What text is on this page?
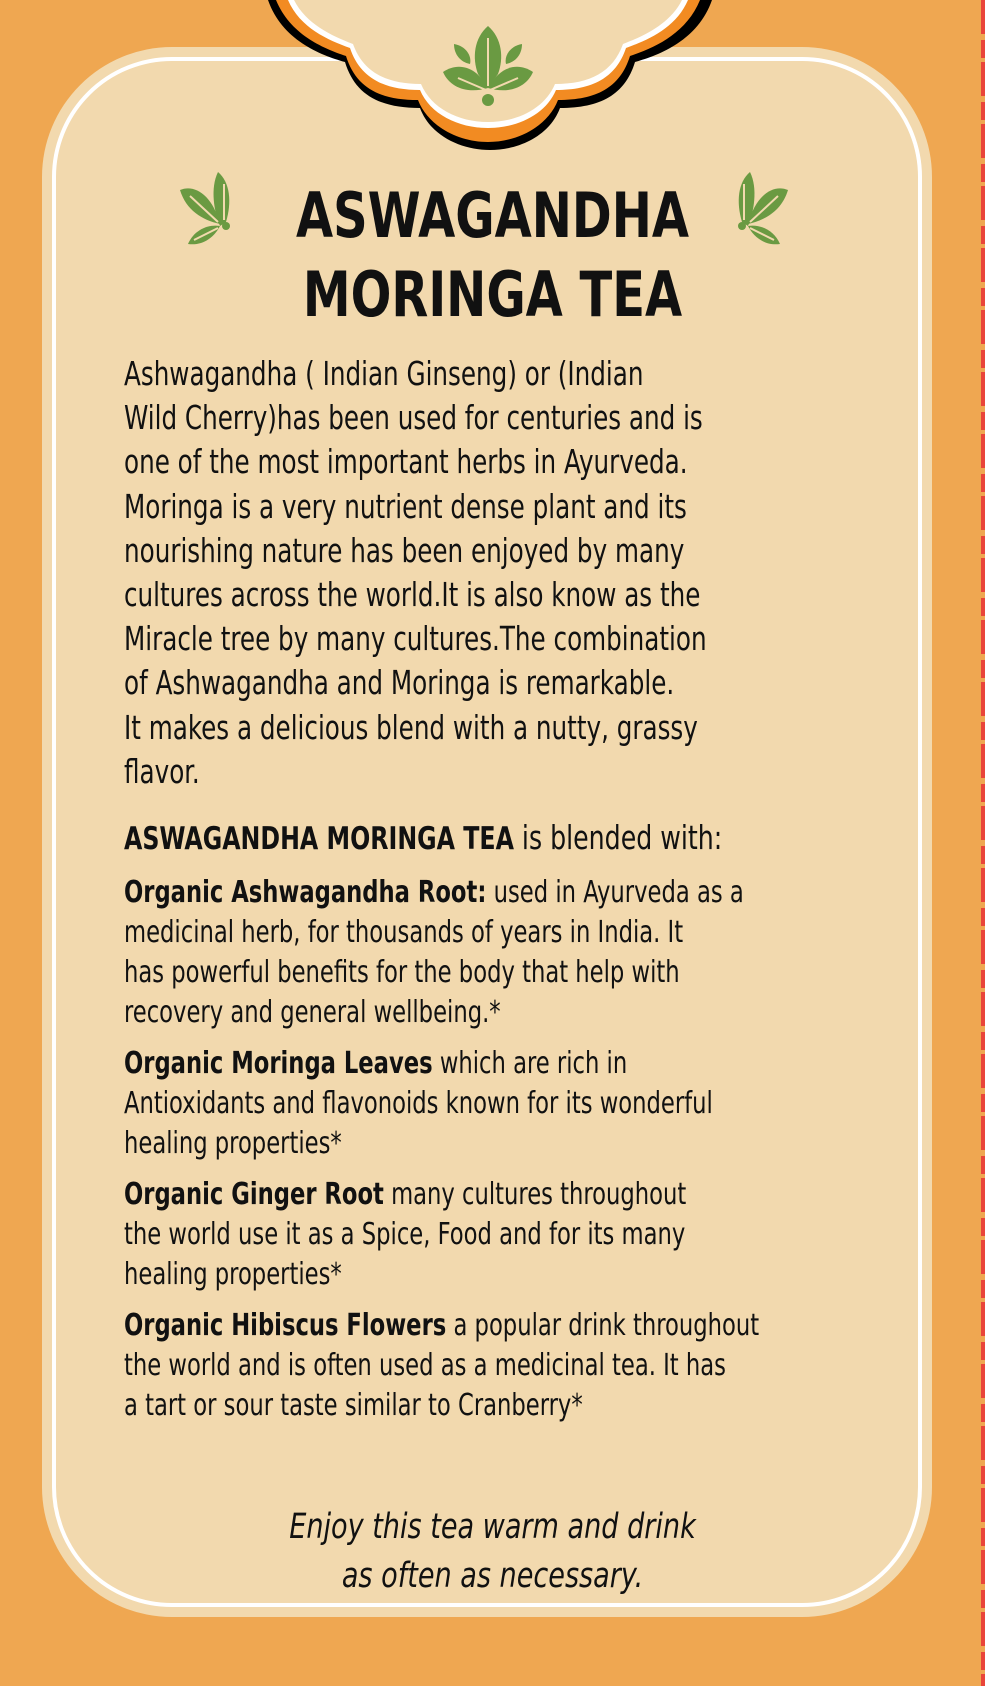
ASWAGANDHA
MORINGA TEA
Ashwagandha ( Indian Ginseng) or (Indian
Wild Cherry)has been used for centuries and is
one of the most important herbs in Ayurveda.
Moringa is a very nutrient dense plant and its
nourishing nature has been enjoyed by many
cultures across the world.It is also know as the
Miracle tree by many cultures.The combination
of Ashwagandha and Moringa is remarkable.
It makes a delicious blend with a nutty, grassy
flavor.
ASWAGANDHA MORINGA TEA is blended with:
Organic Ashwagandha Root: used in Ayurveda as a
medicinal herb, for thousands of years in India. It
has powerful benefits for the body that help with
recovery and general wellbeing.*
Organic Moringa Leaves which are rich in
Antioxidants and flavonoids known for its wonderful
healing properties*
Organic Ginger Root many cultures throughout
the world use it as a Spice, Food and for its many
healing properties*
Organic Hibiscus Flowers a popular drink throughout
the world and is often used as a medicinal tea. It has
a tart or sour taste similar to Cranberry*
Enjoy this tea warm and drink
as often as necessary.
